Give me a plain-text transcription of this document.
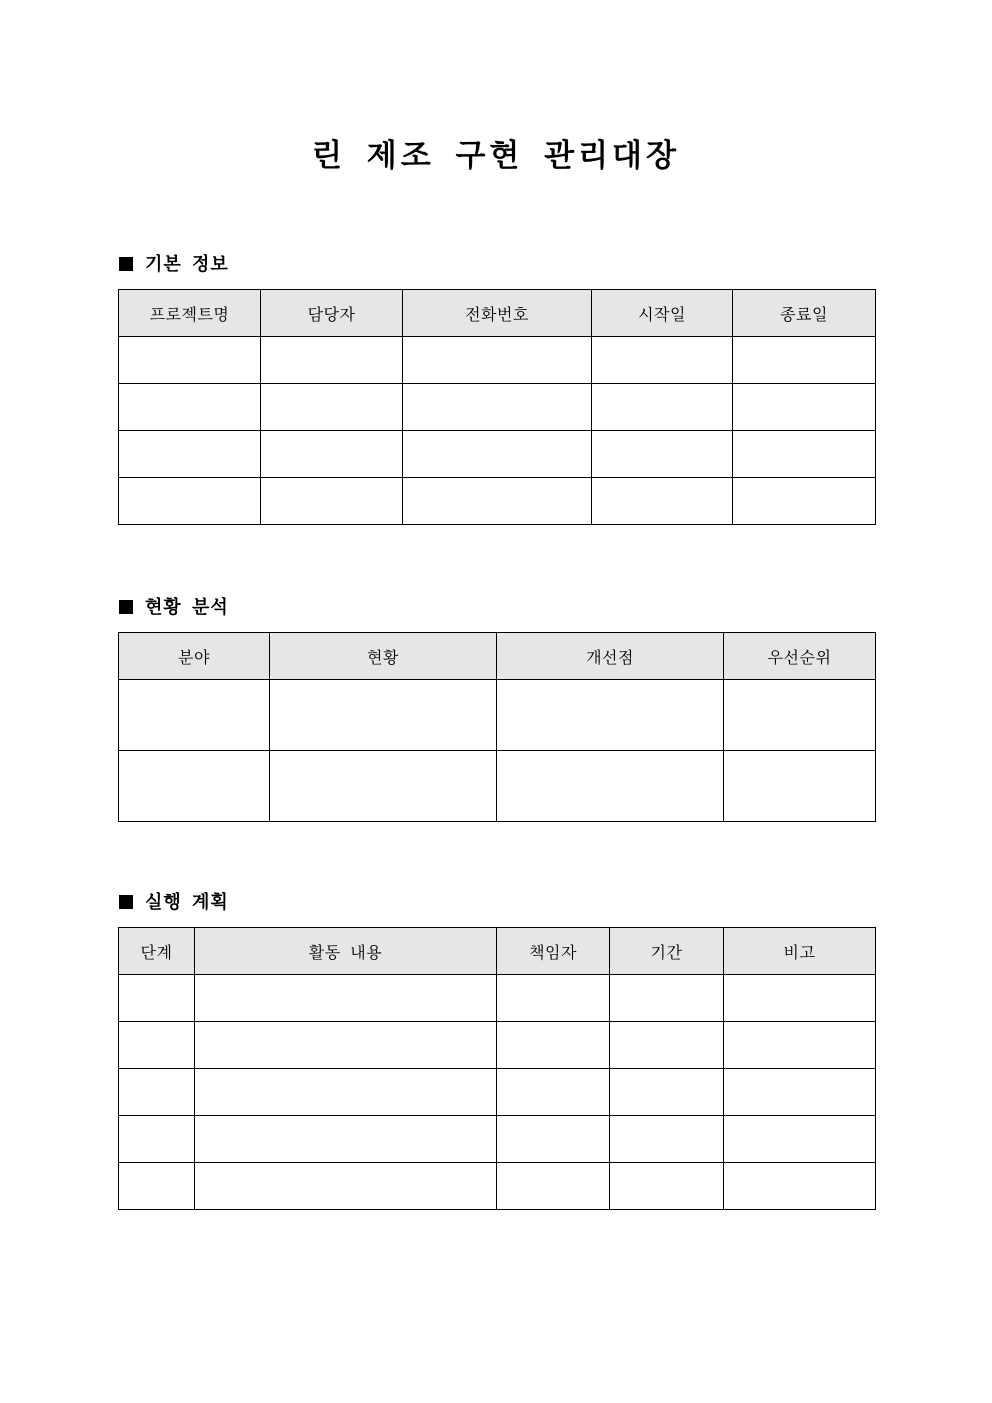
린 제조 구현 관리대장
기본 정보
프로젝트명	담당자	전화번호	시작일	종료일

현황 분석
분야	현황	개선점	우선순위

실행 계획
단계	활동 내용	책임자	기간	비고
